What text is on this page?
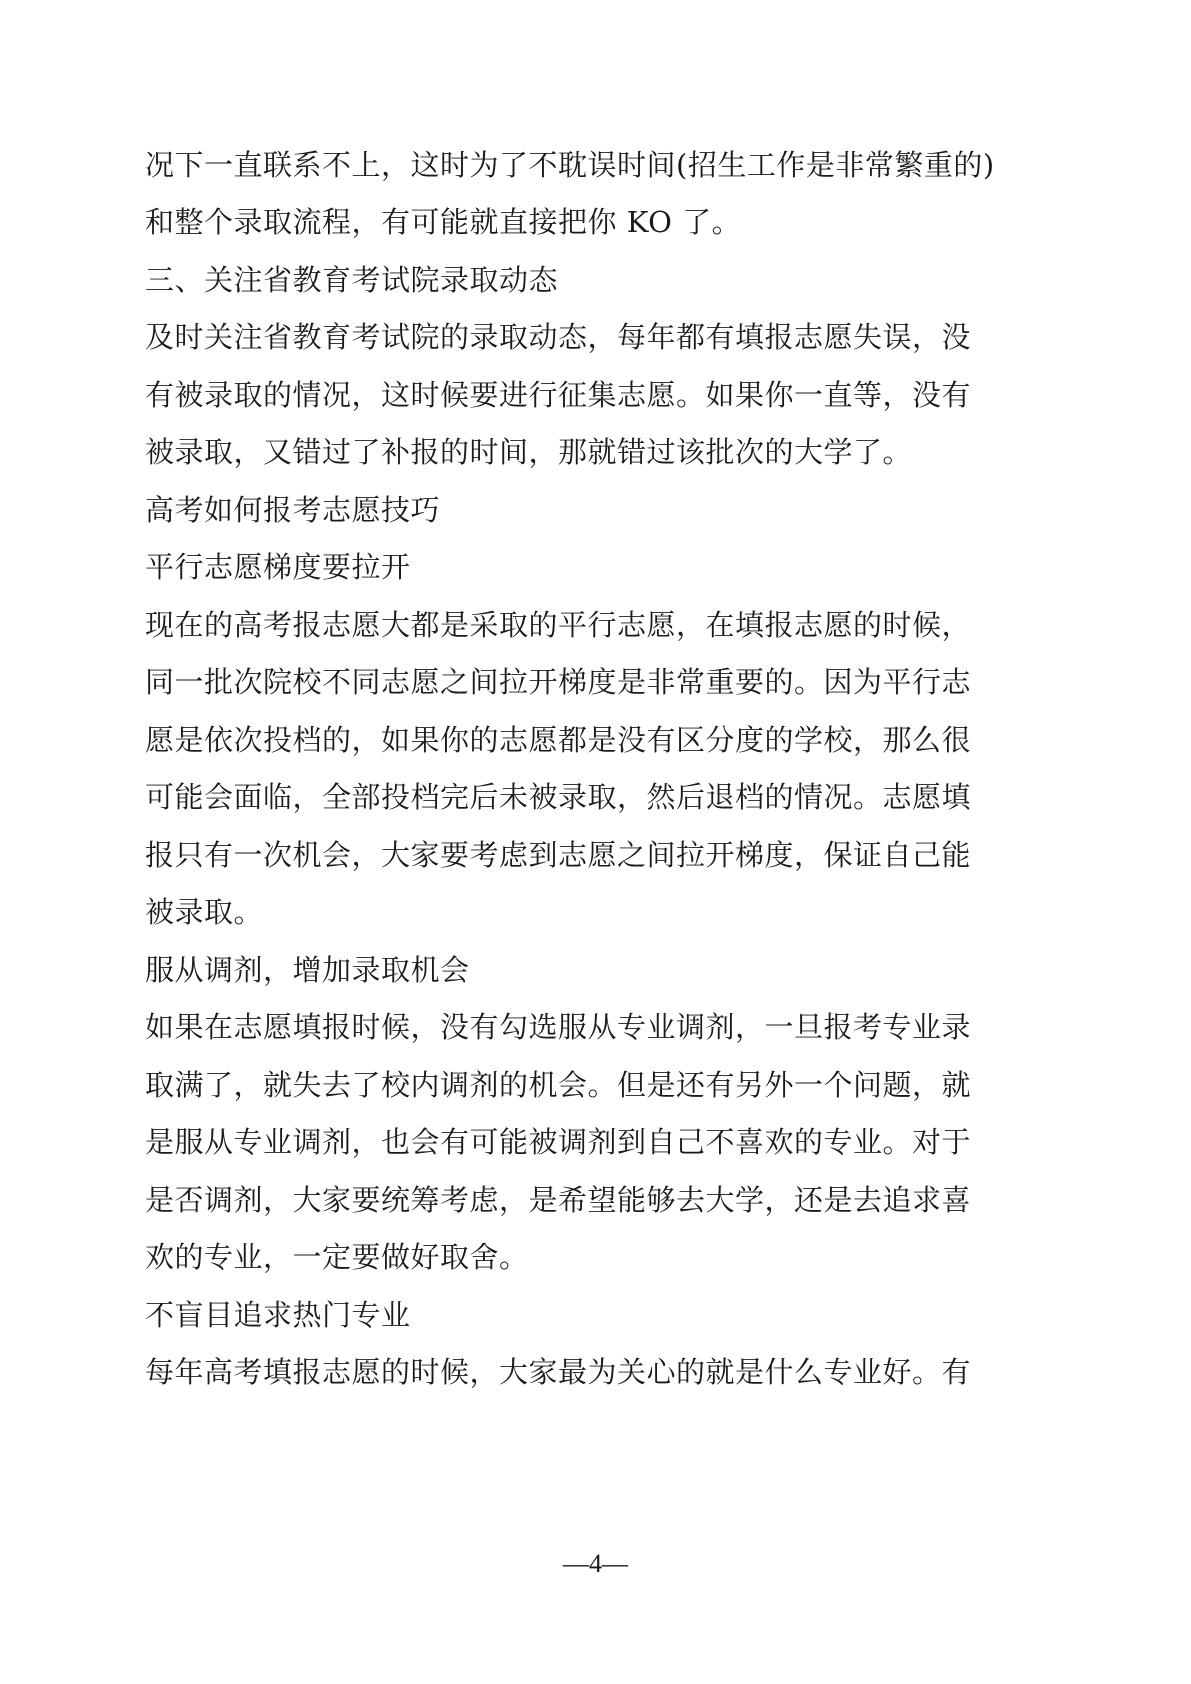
况下一直联系不上，这时为了不耽误时间(招生工作是非常繁重的)
和整个录取流程，有可能就直接把你 KO 了。
三、关注省教育考试院录取动态
及时关注省教育考试院的录取动态，每年都有填报志愿失误，没
有被录取的情况，这时候要进行征集志愿。如果你一直等，没有
被录取，又错过了补报的时间，那就错过该批次的大学了。
高考如何报考志愿技巧
平行志愿梯度要拉开
现在的高考报志愿大都是采取的平行志愿，在填报志愿的时候，
同一批次院校不同志愿之间拉开梯度是非常重要的。因为平行志
愿是依次投档的，如果你的志愿都是没有区分度的学校，那么很
可能会面临，全部投档完后未被录取，然后退档的情况。志愿填
报只有一次机会，大家要考虑到志愿之间拉开梯度，保证自己能
被录取。
服从调剂，增加录取机会
如果在志愿填报时候，没有勾选服从专业调剂，一旦报考专业录
取满了，就失去了校内调剂的机会。但是还有另外一个问题，就
是服从专业调剂，也会有可能被调剂到自己不喜欢的专业。对于
是否调剂，大家要统筹考虑，是希望能够去大学，还是去追求喜
欢的专业，一定要做好取舍。
不盲目追求热门专业
每年高考填报志愿的时候，大家最为关心的就是什么专业好。有
—4—
